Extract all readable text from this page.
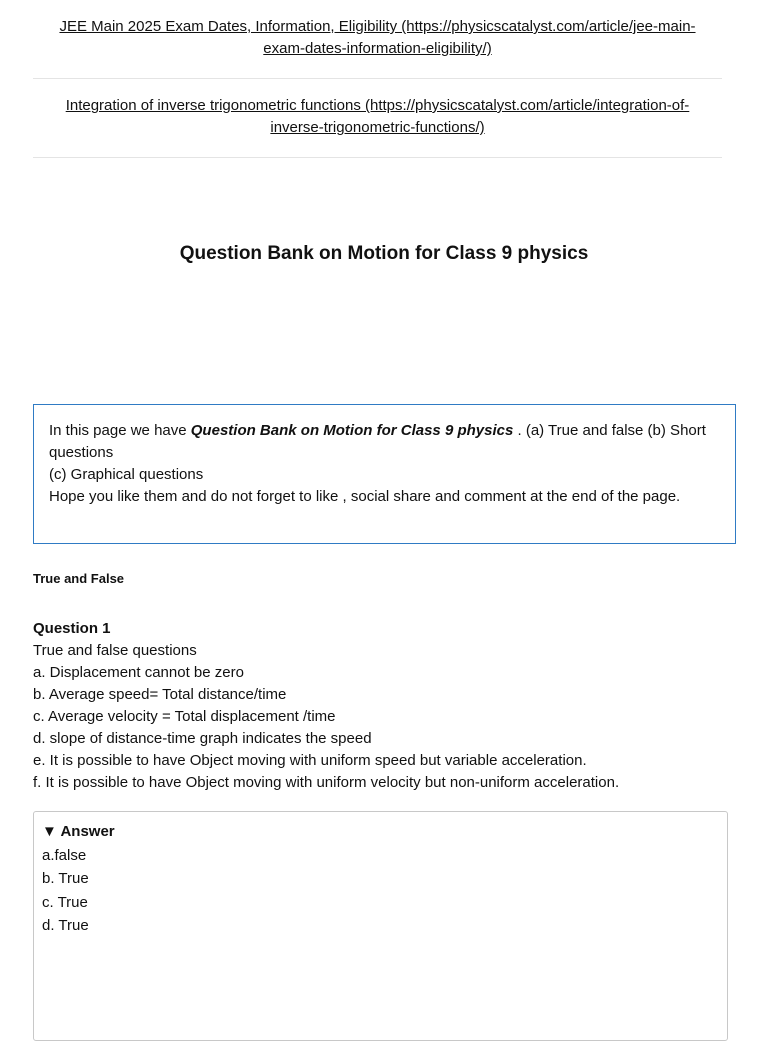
JEE Main 2025 Exam Dates, Information, Eligibility (https://physicscatalyst.com/article/jee-main-exam-dates-information-eligibility/)
Integration of inverse trigonometric functions (https://physicscatalyst.com/article/integration-of-inverse-trigonometric-functions/)
Question Bank on Motion for Class 9 physics
In this page we have Question Bank on Motion for Class 9 physics . (a) True and false (b) Short questions
(c) Graphical questions
Hope you like them and do not forget to like , social share and comment at the end of the page.
True and False
Question 1
True and false questions
a. Displacement cannot be zero
b. Average speed= Total distance/time
c. Average velocity = Total displacement /time
d. slope of distance-time graph indicates the speed
e. It is possible to have Object moving with uniform speed but variable acceleration.
f. It is possible to have Object moving with uniform velocity but non-uniform acceleration.
▼ Answer
a.false
b. True
c. True
d. True
